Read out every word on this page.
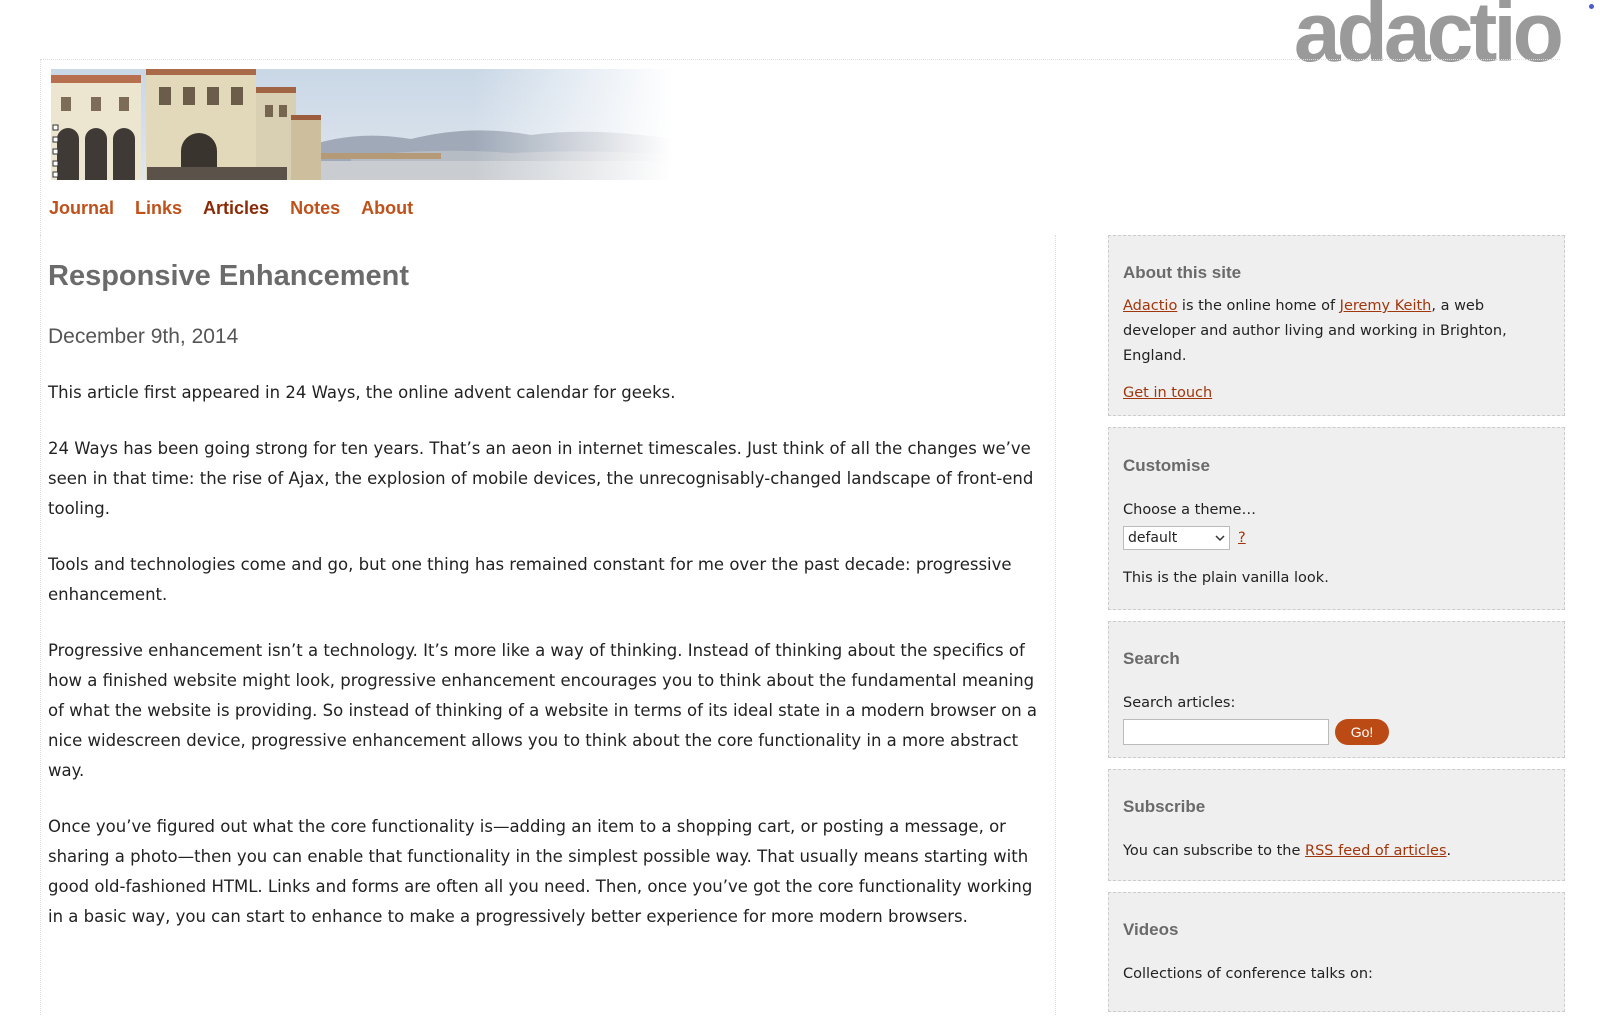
adactio
Journal Links Articles Notes About
Responsive Enhancement
December 9th, 2014

This article first appeared in 24 Ways, the online advent calendar for geeks.

24 Ways has been going strong for ten years. That’s an aeon in internet timescales. Just think of all the changes we’ve seen in that time: the rise of Ajax, the explosion of mobile devices, the unrecognisably-changed landscape of front-end tooling.

Tools and technologies come and go, but one thing has remained constant for me over the past decade: progressive enhancement.

Progressive enhancement isn’t a technology. It’s more like a way of thinking. Instead of thinking about the specifics of how a finished website might look, progressive enhancement encourages you to think about the fundamental meaning of what the website is providing. So instead of thinking of a website in terms of its ideal state in a modern browser on a nice widescreen device, progressive enhancement allows you to think about the core functionality in a more abstract way.

Once you’ve figured out what the core functionality is—adding an item to a shopping cart, or posting a message, or sharing a photo—then you can enable that functionality in the simplest possible way. That usually means starting with good old-fashioned HTML. Links and forms are often all you need. Then, once you’ve got the core functionality working in a basic way, you can start to enhance to make a progressively better experience for more modern browsers.

About this site

Adactio is the online home of Jeremy Keith, a web developer and author living and working in Brighton, England.

Get in touch

Customise

Choose a theme…

default	?

This is the plain vanilla look.

Search

Search articles:

Go!
Subscribe

You can subscribe to the RSS feed of articles.

Videos

Collections of conference talks on:
